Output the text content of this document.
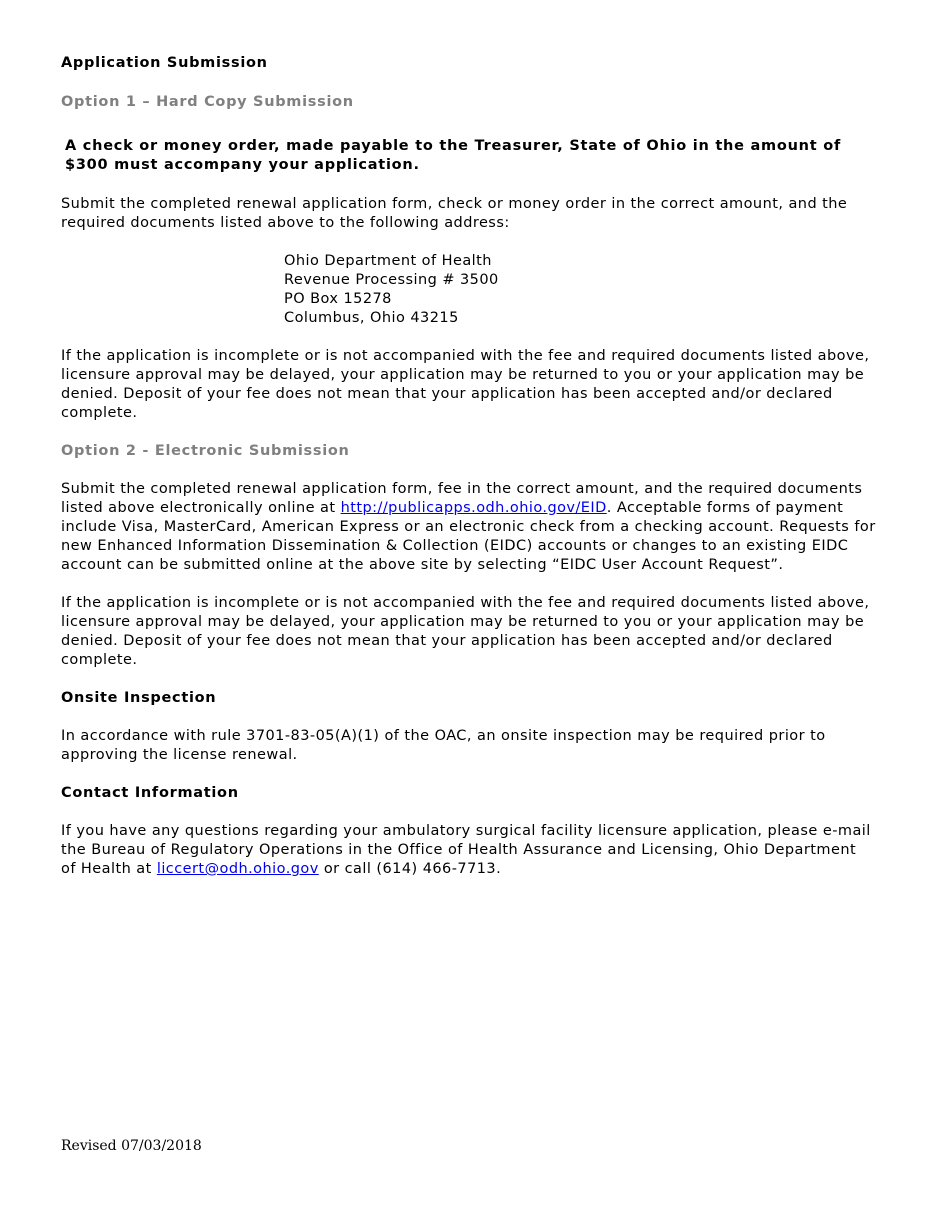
Application Submission

Option 1 – Hard Copy Submission

A check or money order, made payable to the Treasurer, State of Ohio in the amount of $300 must accompany your application.

Submit the completed renewal application form, check or money order in the correct amount, and the required documents listed above to the following address:

Ohio Department of Health
Revenue Processing # 3500
PO Box 15278
Columbus, Ohio 43215

If the application is incomplete or is not accompanied with the fee and required documents listed above, licensure approval may be delayed, your application may be returned to you or your application may be denied. Deposit of your fee does not mean that your application has been accepted and/or declared complete.

Option 2 - Electronic Submission

Submit the completed renewal application form, fee in the correct amount, and the required documents listed above electronically online at http://publicapps.odh.ohio.gov/EID. Acceptable forms of payment include Visa, MasterCard, American Express or an electronic check from a checking account. Requests for new Enhanced Information Dissemination & Collection (EIDC) accounts or changes to an existing EIDC account can be submitted online at the above site by selecting “EIDC User Account Request”.

If the application is incomplete or is not accompanied with the fee and required documents listed above, licensure approval may be delayed, your application may be returned to you or your application may be denied. Deposit of your fee does not mean that your application has been accepted and/or declared complete.

Onsite Inspection

In accordance with rule 3701-83-05(A)(1) of the OAC, an onsite inspection may be required prior to approving the license renewal.

Contact Information

If you have any questions regarding your ambulatory surgical facility licensure application, please e-mail the Bureau of Regulatory Operations in the Office of Health Assurance and Licensing, Ohio Department of Health at liccert@odh.ohio.gov or call (614) 466-7713.

Revised 07/03/2018
